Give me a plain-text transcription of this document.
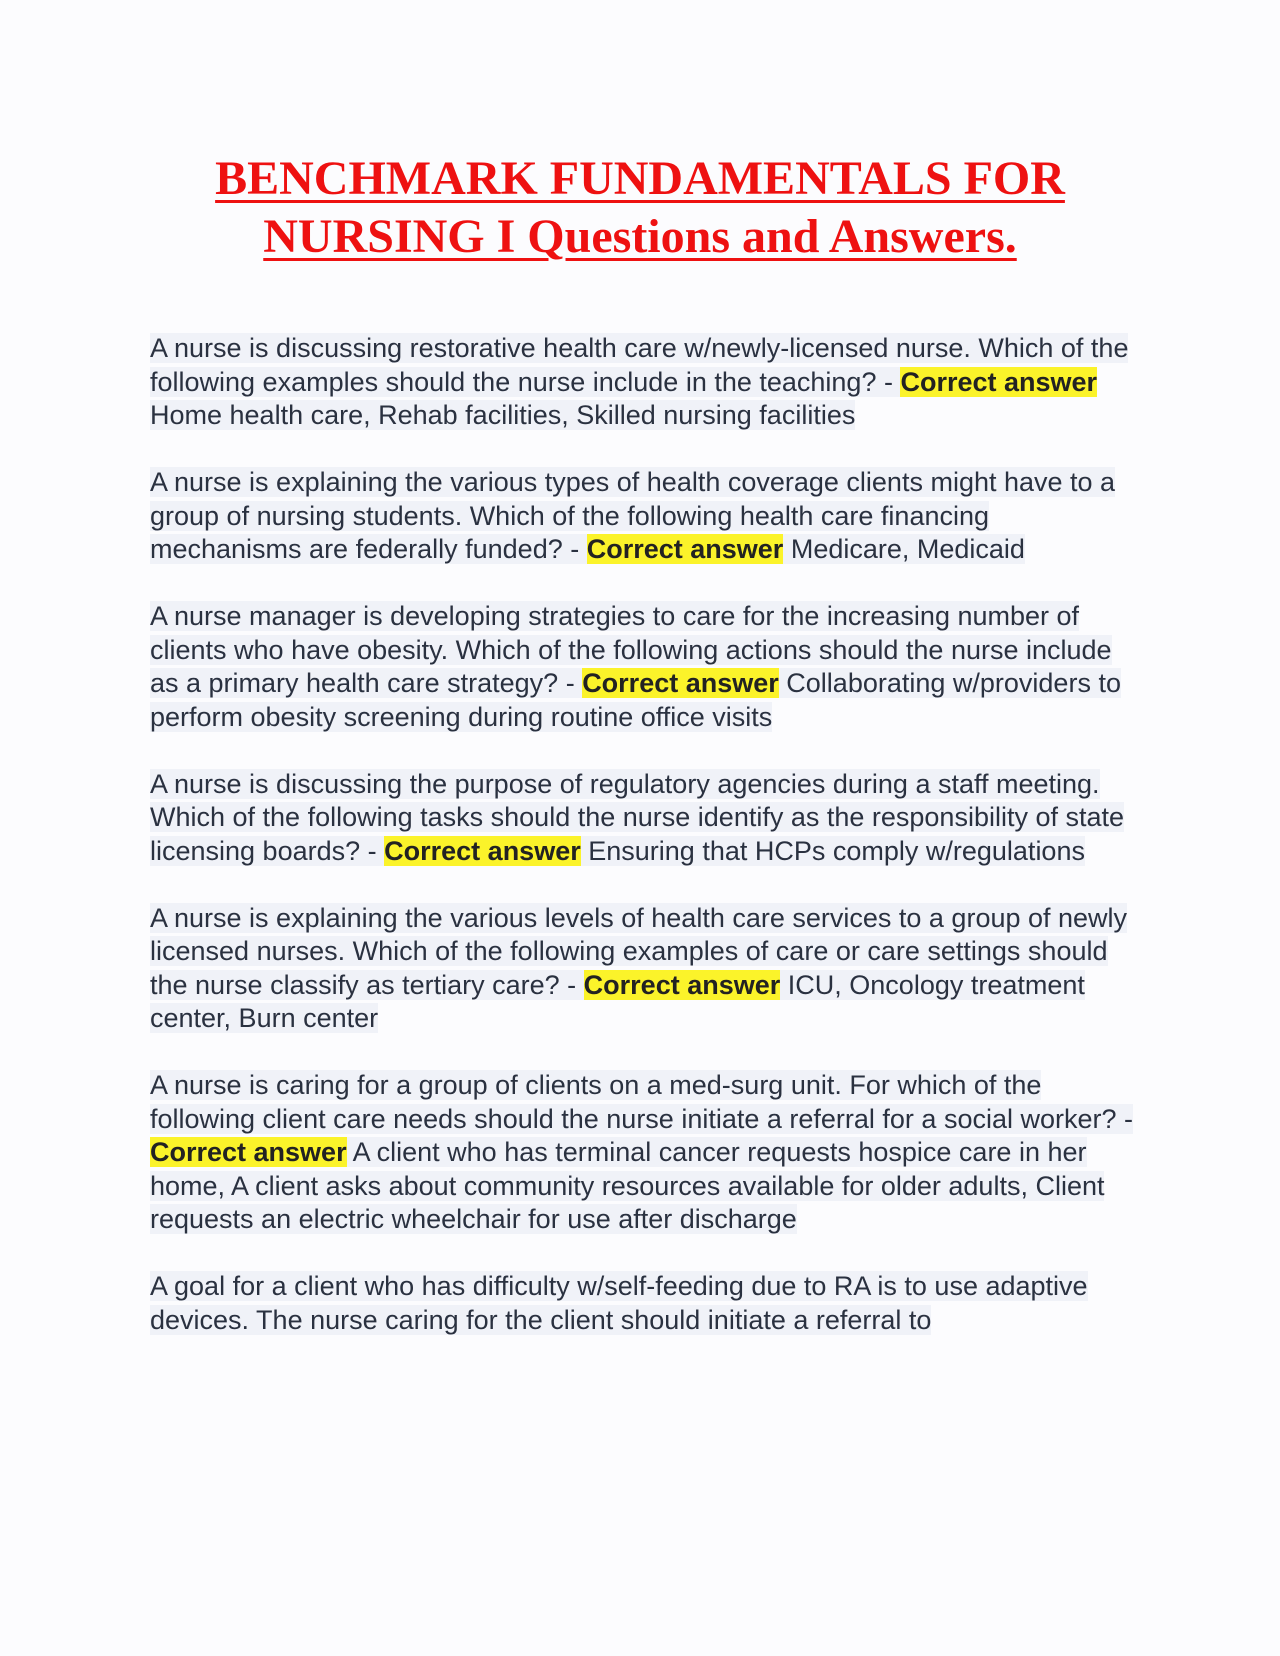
BENCHMARK FUNDAMENTALS FOR
NURSING I Questions and Answers.

A nurse is discussing restorative health care w/newly-licensed nurse. Which of the following examples should the nurse include in the teaching? - Correct answer Home health care, Rehab facilities, Skilled nursing facilities

A nurse is explaining the various types of health coverage clients might have to a group of nursing students. Which of the following health care financing mechanisms are federally funded? - Correct answer Medicare, Medicaid

A nurse manager is developing strategies to care for the increasing number of clients who have obesity. Which of the following actions should the nurse include as a primary health care strategy? - Correct answer Collaborating w/providers to perform obesity screening during routine office visits

A nurse is discussing the purpose of regulatory agencies during a staff meeting. Which of the following tasks should the nurse identify as the responsibility of state licensing boards? - Correct answer Ensuring that HCPs comply w/regulations

A nurse is explaining the various levels of health care services to a group of newly licensed nurses. Which of the following examples of care or care settings should the nurse classify as tertiary care? - Correct answer ICU, Oncology treatment center, Burn center

A nurse is caring for a group of clients on a med-surg unit. For which of the following client care needs should the nurse initiate a referral for a social worker? - Correct answer A client who has terminal cancer requests hospice care in her home, A client asks about community resources available for older adults, Client requests an electric wheelchair for use after discharge

A goal for a client who has difficulty w/self-feeding due to RA is to use adaptive devices. The nurse caring for the client should initiate a referral to
